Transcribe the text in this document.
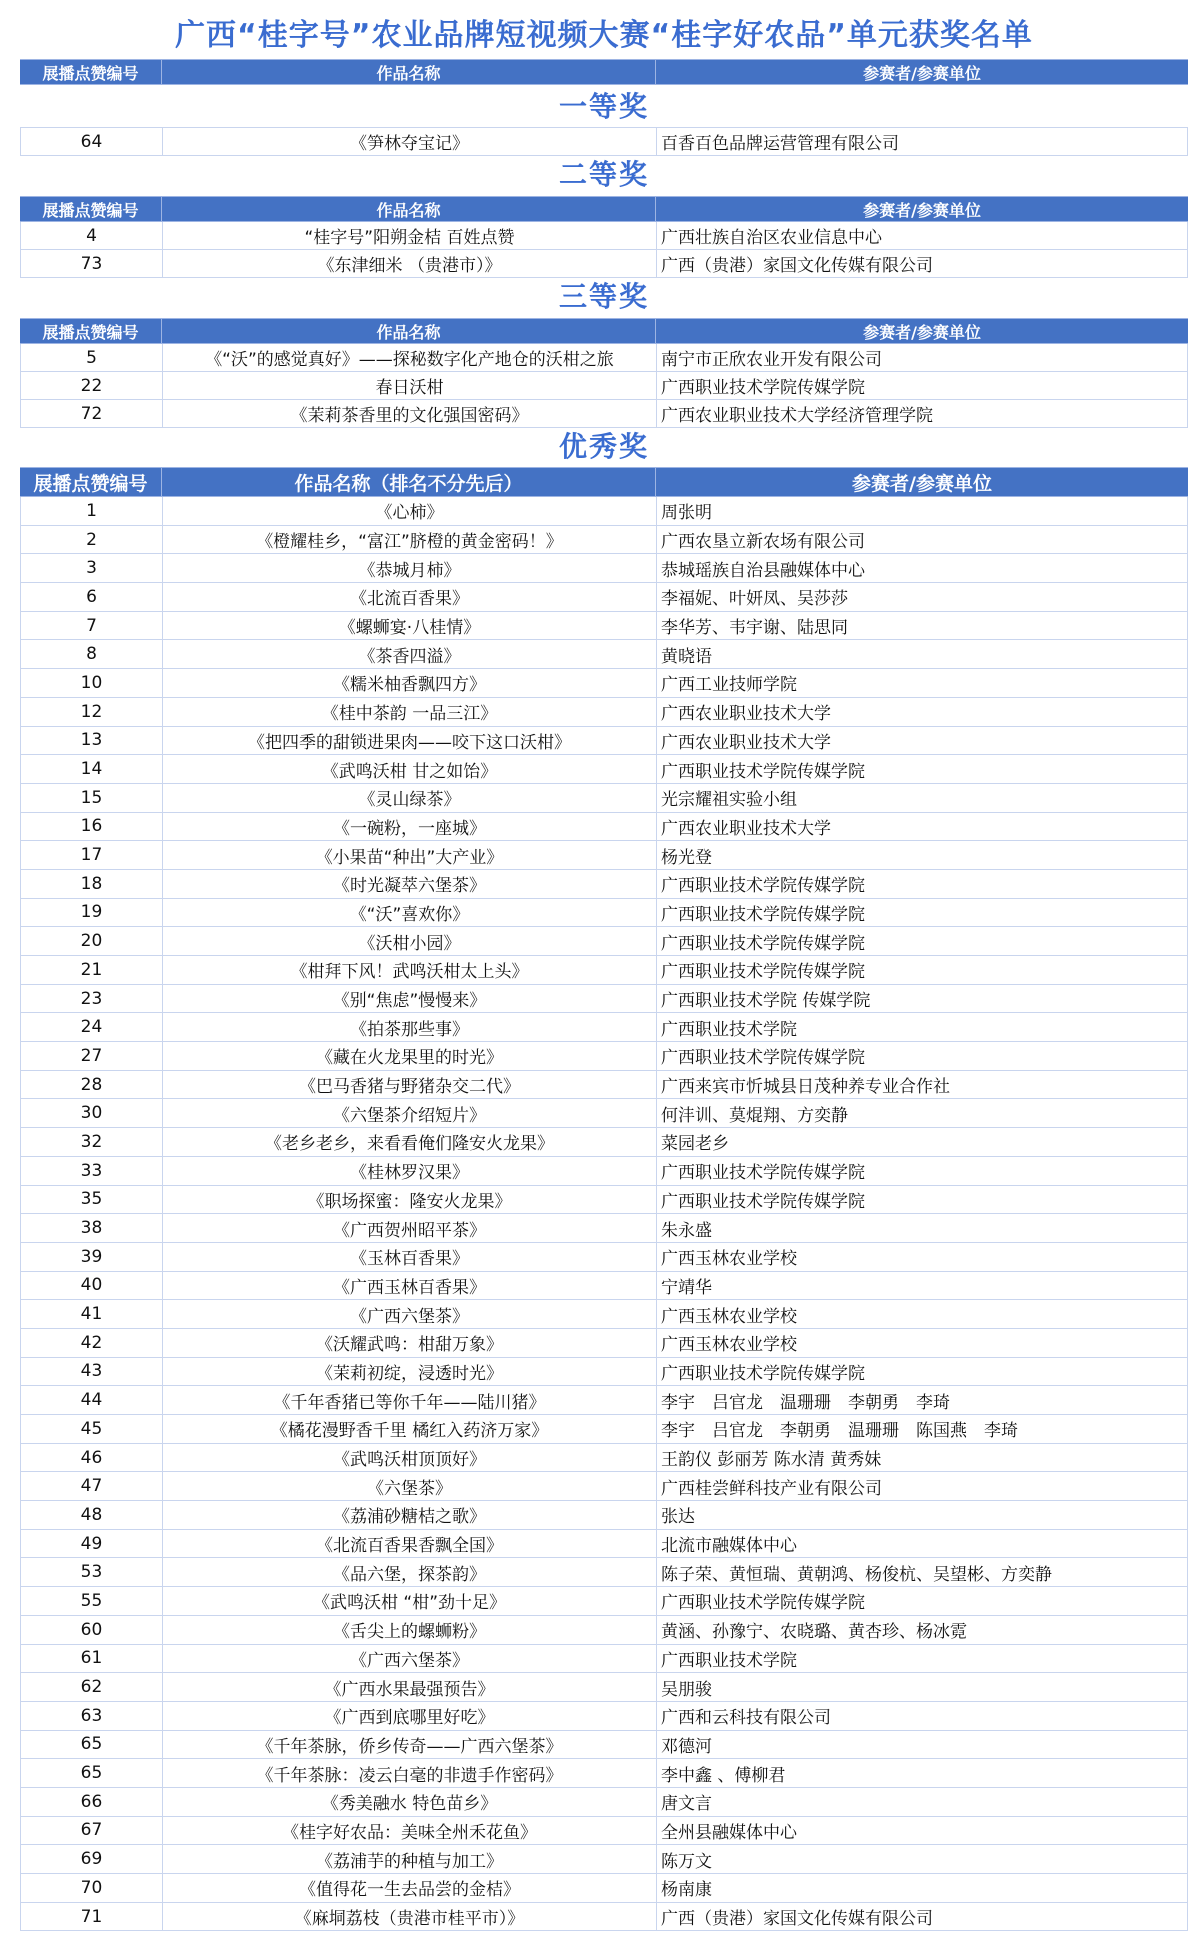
广西“桂字号”农业品牌短视频大赛“桂字好农品”单元获奖名单
展播点赞编号	作品名称	参赛者/参赛单位
一等奖
64	《笋林夺宝记》	百香百色品牌运营管理有限公司
二等奖
展播点赞编号	作品名称	参赛者/参赛单位
4	“桂字号”阳朔金桔 百姓点赞	广西壮族自治区农业信息中心
73	《东津细米 （贵港市）》	广西（贵港）家国文化传媒有限公司
三等奖
展播点赞编号	作品名称	参赛者/参赛单位
5	《“沃”的感觉真好》——探秘数字化产地仓的沃柑之旅	南宁市正欣农业开发有限公司
22	春日沃柑	广西职业技术学院传媒学院
72	《茉莉茶香里的文化强国密码》	广西农业职业技术大学经济管理学院
优秀奖
展播点赞编号	作品名称（排名不分先后）	参赛者/参赛单位
1	《心柿》	周张明
2	《橙耀桂乡，“富江”脐橙的黄金密码！》	广西农垦立新农场有限公司
3	《恭城月柿》	恭城瑶族自治县融媒体中心
6	《北流百香果》	李福妮、叶妍凤、吴莎莎
7	《螺蛳宴·八桂情》	李华芳、韦宇谢、陆思同
8	《茶香四溢》	黄晓语
10	《糯米柚香飘四方》	广西工业技师学院
12	《桂中茶韵 一品三江》	广西农业职业技术大学
13	《把四季的甜锁进果肉——咬下这口沃柑》	广西农业职业技术大学
14	《武鸣沃柑 甘之如饴》	广西职业技术学院传媒学院
15	《灵山绿茶》	光宗耀祖实验小组
16	《一碗粉，一座城》	广西农业职业技术大学
17	《小果苗“种出”大产业》	杨光登
18	《时光凝萃六堡茶》	广西职业技术学院传媒学院
19	《“沃”喜欢你》	广西职业技术学院传媒学院
20	《沃柑小园》	广西职业技术学院传媒学院
21	《柑拜下风！武鸣沃柑太上头》	广西职业技术学院传媒学院
23	《别“焦虑”慢慢来》	广西职业技术学院 传媒学院
24	《拍茶那些事》	广西职业技术学院
27	《藏在火龙果里的时光》	广西职业技术学院传媒学院
28	《巴马香猪与野猪杂交二代》	广西来宾市忻城县日茂种养专业合作社
30	《六堡茶介绍短片》	何沣训、莫焜翔、方奕静
32	《老乡老乡，来看看俺们隆安火龙果》	菜园老乡
33	《桂林罗汉果》	广西职业技术学院传媒学院
35	《职场探蜜：隆安火龙果》	广西职业技术学院传媒学院
38	《广西贺州昭平茶》	朱永盛
39	《玉林百香果》	广西玉林农业学校
40	《广西玉林百香果》	宁靖华
41	《广西六堡茶》	广西玉林农业学校
42	《沃耀武鸣：柑甜万象》	广西玉林农业学校
43	《茉莉初绽，浸透时光》	广西职业技术学院传媒学院
44	《千年香猪已等你千年——陆川猪》	李宇　吕官龙　温珊珊　李朝勇　李琦
45	《橘花漫野香千里 橘红入药济万家》	李宇　吕官龙　李朝勇　温珊珊　陈国燕　李琦
46	《武鸣沃柑顶顶好》	王韵仪 彭丽芳 陈水清 黄秀妹
47	《六堡茶》	广西桂尝鲜科技产业有限公司
48	《荔浦砂糖桔之歌》	张达
49	《北流百香果香飘全国》	北流市融媒体中心
53	《品六堡，探茶韵》	陈子荣、黄恒瑞、黄朝鸿、杨俊杭、吴望彬、方奕静
55	《武鸣沃柑 “柑”劲十足》	广西职业技术学院传媒学院
60	《舌尖上的螺蛳粉》	黄涵、孙豫宁、农晓璐、黄杏珍、杨冰霓
61	《广西六堡茶》	广西职业技术学院
62	《广西水果最强预告》	吴朋骏
63	《广西到底哪里好吃》	广西和云科技有限公司
65	《千年茶脉，侨乡传奇——广西六堡茶》	邓德河
65	《千年茶脉：凌云白毫的非遗手作密码》	李中鑫 、傅柳君
66	《秀美融水 特色苗乡》	唐文言
67	《桂字好农品：美味全州禾花鱼》	全州县融媒体中心
69	《荔浦芋的种植与加工》	陈万文
70	《值得花一生去品尝的金桔》	杨南康
71	《麻垌荔枝（贵港市桂平市）》	广西（贵港）家国文化传媒有限公司
